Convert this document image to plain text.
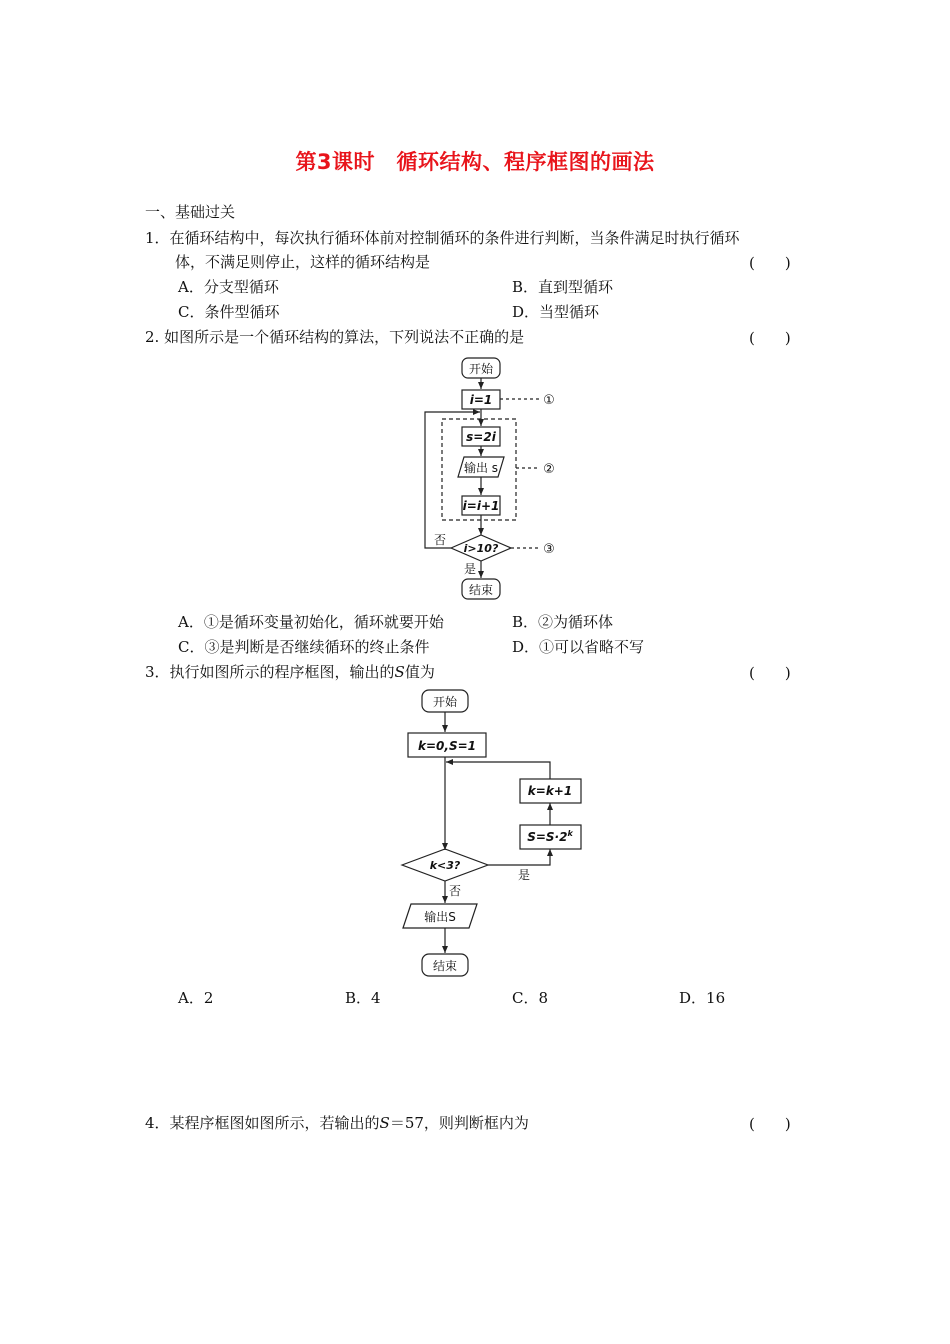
第3课时　循环结构、程序框图的画法
一、基础过关
1．在循环结构中，每次执行循环体前对控制循环的条件进行判断，当条件满足时执行循环
体，不满足则停止，这样的循环结构是	(　　)
A．分支型循环	B．直到型循环
C．条件型循环	D．当型循环
2. 如图所示是一个循环结构的算法，下列说法不正确的是	(　　)
开始
i=1
s=2i
输出 s
i=i+1
i>10?
结束
否
是
①
②
③
开始
k=0,S=1
k<3?
k=k+1
$S=S\cdot 2^k$
是
否
输出S
结束
A．①是循环变量初始化，循环就要开始	B．②为循环体
C．③是判断是否继续循环的终止条件	D．①可以省略不写
3．执行如图所示的程序框图，输出的S值为	(　　)
A．2	B．4	C．8	D．16
4．某程序框图如图所示，若输出的S＝57，则判断框内为	(　　)
